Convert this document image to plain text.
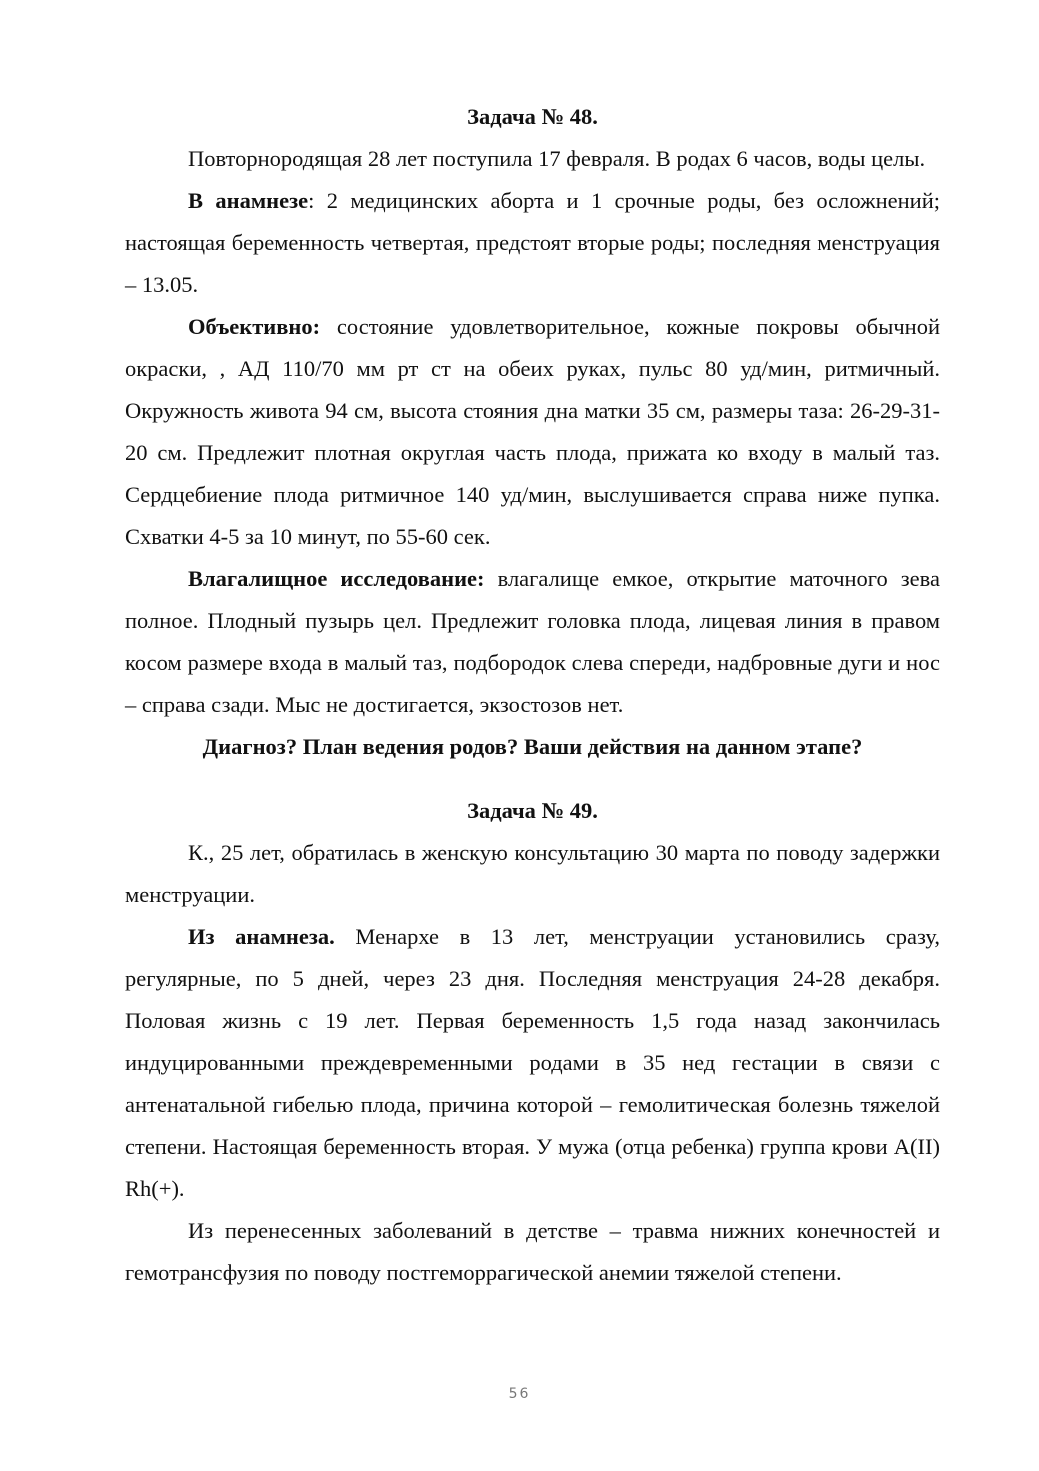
Задача № 48.

Повторнородящая 28 лет поступила 17 февраля. В родах 6 часов, воды целы.

В анамнезе: 2 медицинских аборта и 1 срочные роды, без осложнений; настоящая беременность четвертая, предстоят вторые роды; последняя менструация – 13.05.

Объективно: состояние удовлетворительное, кожные покровы обычной окраски, , АД 110/70 мм рт ст на обеих руках, пульс 80 уд/мин, ритмичный. Окружность живота 94 см, высота стояния дна матки 35 см, размеры таза: 26-29-31-20 см. Предлежит плотная округлая часть плода, прижата ко входу в малый таз. Сердцебиение плода ритмичное 140 уд/мин, выслушивается справа ниже пупка. Схватки 4-5 за 10 минут, по 55-60 сек.

Влагалищное исследование: влагалище емкое, открытие маточного зева полное. Плодный пузырь цел. Предлежит головка плода, лицевая линия в правом косом размере входа в малый таз, подбородок слева спереди, надбровные дуги и нос – справа сзади. Мыс не достигается, экзостозов нет.

Диагноз? План ведения родов? Ваши действия на данном этапе?

Задача № 49.

К., 25 лет, обратилась в женскую консультацию 30 марта по поводу задержки менструации.

Из анамнеза. Менархе в 13 лет, менструации установились сразу, регулярные, по 5 дней, через 23 дня. Последняя менструация 24-28 декабря. Половая жизнь с 19 лет. Первая беременность 1,5 года назад закончилась индуцированными преждевременными родами в 35 нед гестации в связи с антенатальной гибелью плода, причина которой – гемолитическая болезнь тяжелой степени. Настоящая беременность вторая. У мужа (отца ребенка) группа крови A(II) Rh(+).

Из перенесенных заболеваний в детстве – травма нижних конечностей и гемотрансфузия по поводу постгеморрагической анемии тяжелой степени.

56
